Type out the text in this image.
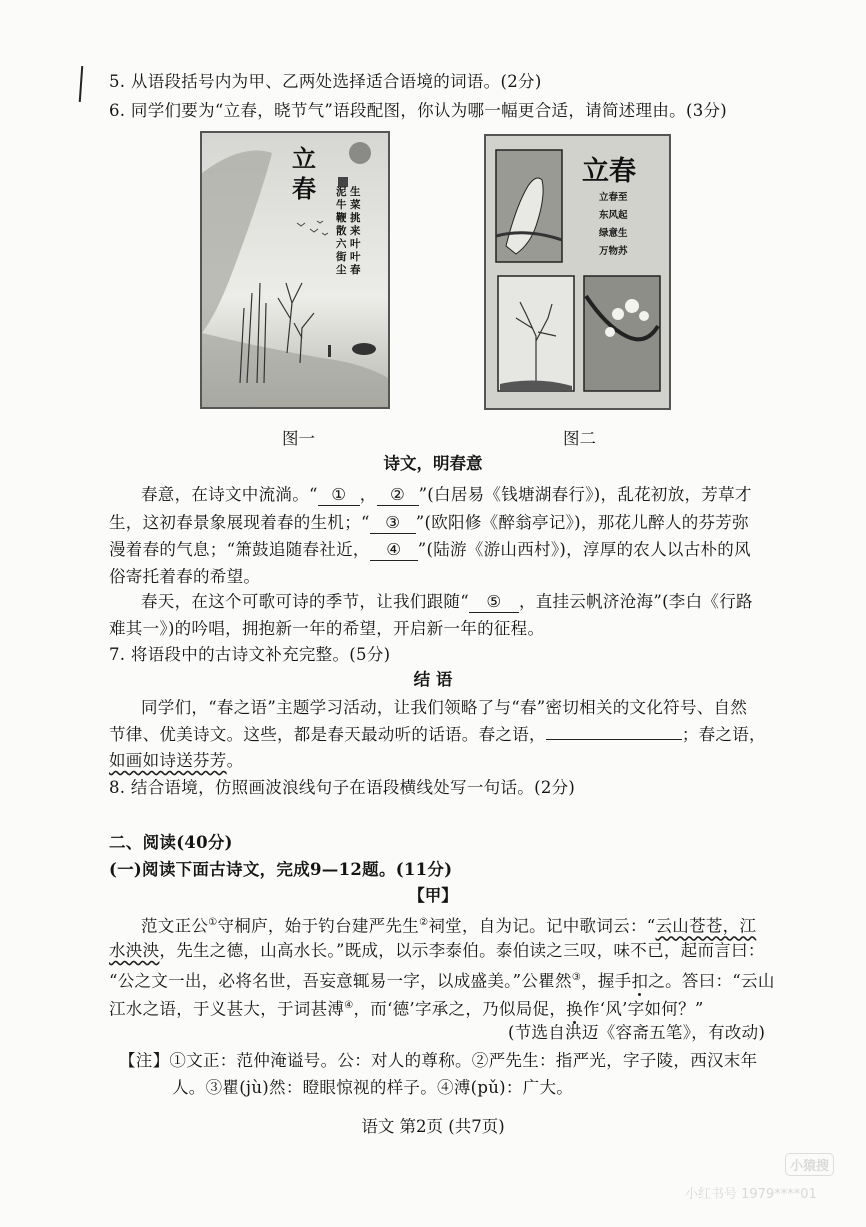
5. 从语段括号内为甲、乙两处选择适合语境的词语。(2分)
6. 同学们要为“立春，晓节气”语段配图，你认为哪一幅更合适，请简述理由。(3分)
立
春	生
菜
挑
来
叶
叶
春
泥
牛
鞭
散
六
街
尘
立春
立春至
东风起
绿意生
万物苏
图一	图二
诗文，明春意
春意，在诗文中流淌。“ ① ， ② ”(白居易《钱塘湖春行》)，乱花初放，芳草才
生，这初春景象展现着春的生机；“ ③ ”(欧阳修《醉翁亭记》)，那花儿醉人的芬芳弥
漫着春的气息；“箫鼓追随春社近， ④ ”(陆游《游山西村》)，淳厚的农人以古朴的风
俗寄托着春的希望。
春天，在这个可歌可诗的季节，让我们跟随“ ⑤ ，直挂云帆济沧海”(李白《行路
难其一》)的吟唱，拥抱新一年的希望，开启新一年的征程。
7. 将语段中的古诗文补充完整。(5分)
结 语
同学们，“春之语”主题学习活动，让我们领略了与“春”密切相关的文化符号、自然
节律、优美诗文。这些，都是春天最动听的话语。春之语，	；春之语，
如画如诗送芬芳。
8. 结合语境，仿照画波浪线句子在语段横线处写一句话。(2分)
二、阅读(40分)
(一)阅读下面古诗文，完成9—12题。(11分)
【甲】
范文正公①守桐庐，始于钓台建严先生②祠堂，自为记。记中歌词云：“云山苍苍，江
水泱泱，先生之德，山高水长。”既成，以示李泰伯。泰伯读之三叹，味不已，起而言曰：
“公之文一出，必将名世，吾妄意辄易一字，以成盛美。”公瞿然③，握手扣之。答曰：“云山
江水之语，于义甚大，于词甚溥④，而‘德’字承之，乃似局促，换作‘风’字如何？”
(节选自洪迈《容斋五笔》，有改动)
【注】①文正：范仲淹谥号。公：对人的尊称。②严先生：指严光，字子陵，西汉末年
人。③瞿(jù)然：瞪眼惊视的样子。④溥(pǔ)：广大。
语文 第2页 (共7页)
小猿搜
小红书号 1979****01
